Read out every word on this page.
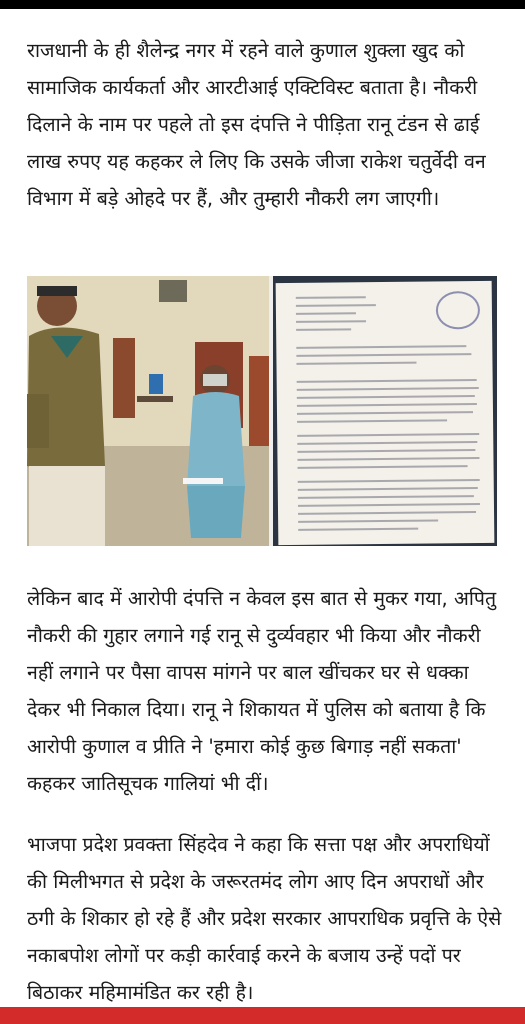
राजधानी के ही शैलेन्द्र नगर में रहने वाले कुणाल शुक्ला खुद को सामाजिक कार्यकर्ता और आरटीआई एक्टिविस्ट बताता है। नौकरी दिलाने के नाम पर पहले तो इस दंपत्ति ने पीड़िता रानू टंडन से ढाई लाख रुपए यह कहकर ले लिए कि उसके जीजा राकेश चतुर्वेदी वन विभाग में बड़े ओहदे पर हैं, और तुम्हारी नौकरी लग जाएगी।

लेकिन बाद में आरोपी दंपत्ति न केवल इस बात से मुकर गया, अपितु नौकरी की गुहार लगाने गई रानू से दुर्व्यवहार भी किया और नौकरी नहीं लगाने पर पैसा वापस मांगने पर बाल खींचकर घर से धक्का देकर भी निकाल दिया। रानू ने शिकायत में पुलिस को बताया है कि आरोपी कुणाल व प्रीति ने 'हमारा कोई कुछ बिगाड़ नहीं सकता' कहकर जातिसूचक गालियां भी दीं।

भाजपा प्रदेश प्रवक्ता सिंहदेव ने कहा कि सत्ता पक्ष और अपराधियों की मिलीभगत से प्रदेश के जरूरतमंद लोग आए दिन अपराधों और ठगी के शिकार हो रहे हैं और प्रदेश सरकार आपराधिक प्रवृत्ति के ऐसे नकाबपोश लोगों पर कड़ी कार्रवाई करने के बजाय उन्हें पदों पर बिठाकर महिमामंडित कर रही है।
